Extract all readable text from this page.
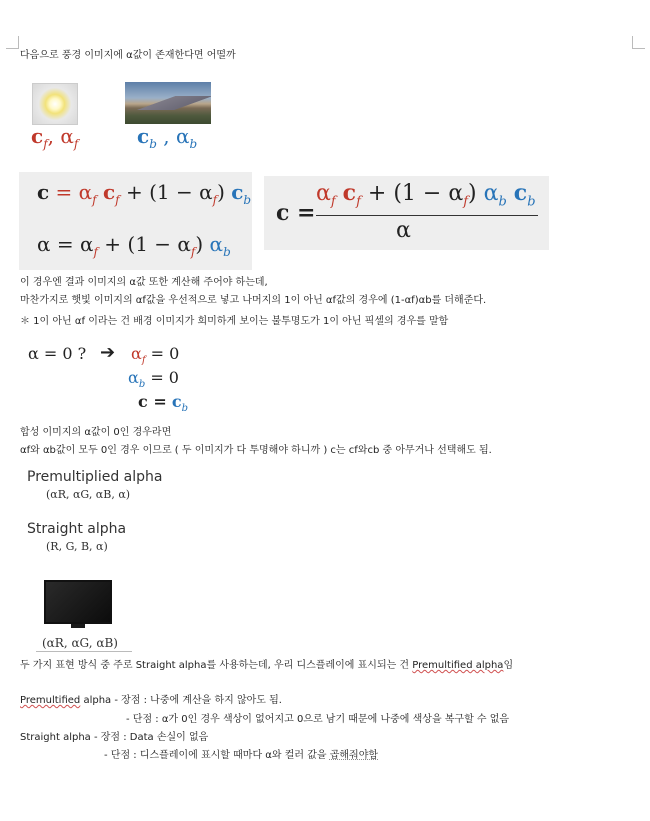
다음으로 풍경 이미지에 α값이 존재한다면 어떨까
$c_f$, $\alpha_f$	$c_b$ , $\alpha_b$
$c = \alpha_f$ $c_f + (1 - \alpha_f)$ $c_b$
$\alpha = \alpha_f + (1 - \alpha_f)$ $\alpha_b$
c =
$\alpha_f$ $c_f + (1 - \alpha_f)$ $\alpha_b$ $c_b$
α
이 경우엔 결과 이미지의 α값 또한 계산해 주어야 하는데,
마찬가지로 햇빛 이미지의 αf값을 우선적으로 넣고 나머지의 1이 아닌 αf값의 경우에 (1-αf)αb를 더해준다.
＊ 1이 아닌 αf 이라는 건 배경 이미지가 희미하게 보이는 불투명도가 1이 아닌 픽셀의 경우를 말함
α = 0 ? ➔ $\alpha_f = 0$
$\alpha_b = 0$
$c = c_b$
합성 이미지의 α값이 0인 경우라면
αf와 αb값이 모두 0인 경우 이므로 ( 두 이미지가 다 투명해야 하니까 ) c는 cf와cb 중 아무거나 선택해도 됨.
Premultiplied alpha
(αR, αG, αB, α)
Straight alpha
(R, G, B, α)
(αR, αG, αB)
두 가지 표현 방식 중 주로 Straight alpha를 사용하는데, 우리 디스플레이에 표시되는 건 Premultified alpha임
Premultified alpha - 장점 : 나중에 계산을 하지 않아도 됨.
- 단점 : α가 0인 경우 색상이 없어지고 0으로 남기 때문에 나중에 색상을 복구할 수 없음
Straight alpha - 장점 : Data 손실이 없음
- 단점 : 디스플레이에 표시할 때마다 α와 컬러 값을 곱해줘야함
